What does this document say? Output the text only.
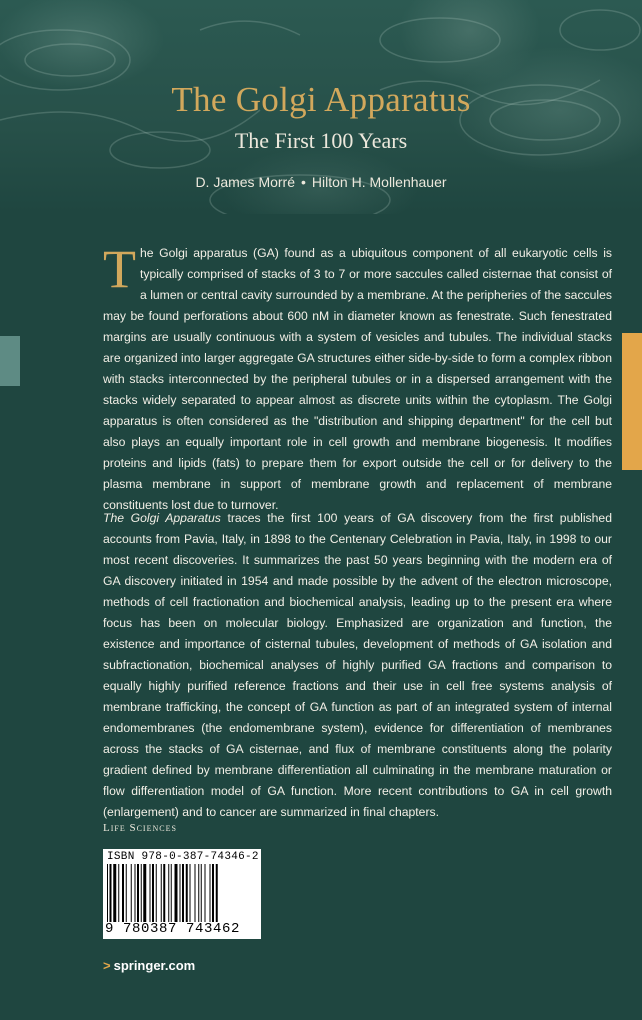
The Golgi Apparatus
The First 100 Years
D. James Morré • Hilton H. Mollenhauer

The Golgi apparatus (GA) found as a ubiquitous component of all eukaryotic cells is typically comprised of stacks of 3 to 7 or more saccules called cisternae that consist of a lumen or central cavity surrounded by a membrane. At the peripheries of the saccules may be found perforations about 600 nM in diameter known as fenestrate. Such fenestrated margins are usually continuous with a system of vesicles and tubules. The individual stacks are organized into larger aggregate GA structures either side-by-side to form a complex ribbon with stacks interconnected by the peripheral tubules or in a dispersed arrangement with the stacks widely separated to appear almost as discrete units within the cytoplasm. The Golgi apparatus is often considered as the "distribution and shipping department" for the cell but also plays an equally important role in cell growth and membrane biogenesis. It modifies proteins and lipids (fats) to prepare them for export outside the cell or for delivery to the plasma membrane in support of membrane growth and replacement of membrane constituents lost due to turnover.

The Golgi Apparatus traces the first 100 years of GA discovery from the first published accounts from Pavia, Italy, in 1898 to the Centenary Celebration in Pavia, Italy, in 1998 to our most recent discoveries. It summarizes the past 50 years beginning with the modern era of GA discovery initiated in 1954 and made possible by the advent of the electron microscope, methods of cell fractionation and biochemical analysis, leading up to the present era where focus has been on molecular biology. Emphasized are organization and function, the existence and importance of cisternal tubules, development of methods of GA isolation and subfractionation, biochemical analyses of highly purified GA fractions and comparison to equally highly purified reference fractions and their use in cell free systems analysis of membrane trafficking, the concept of GA function as part of an integrated system of internal endomembranes (the endomembrane system), evidence for differentiation of membranes across the stacks of GA cisternae, and flux of membrane constituents along the polarity gradient defined by membrane differentiation all culminating in the membrane maturation or flow differentiation model of GA function. More recent contributions to GA in cell growth (enlargement) and to cancer are summarized in final chapters.

Life Sciences
ISBN 978-0-387-74346-2
9 780387 743462
> springer.com
